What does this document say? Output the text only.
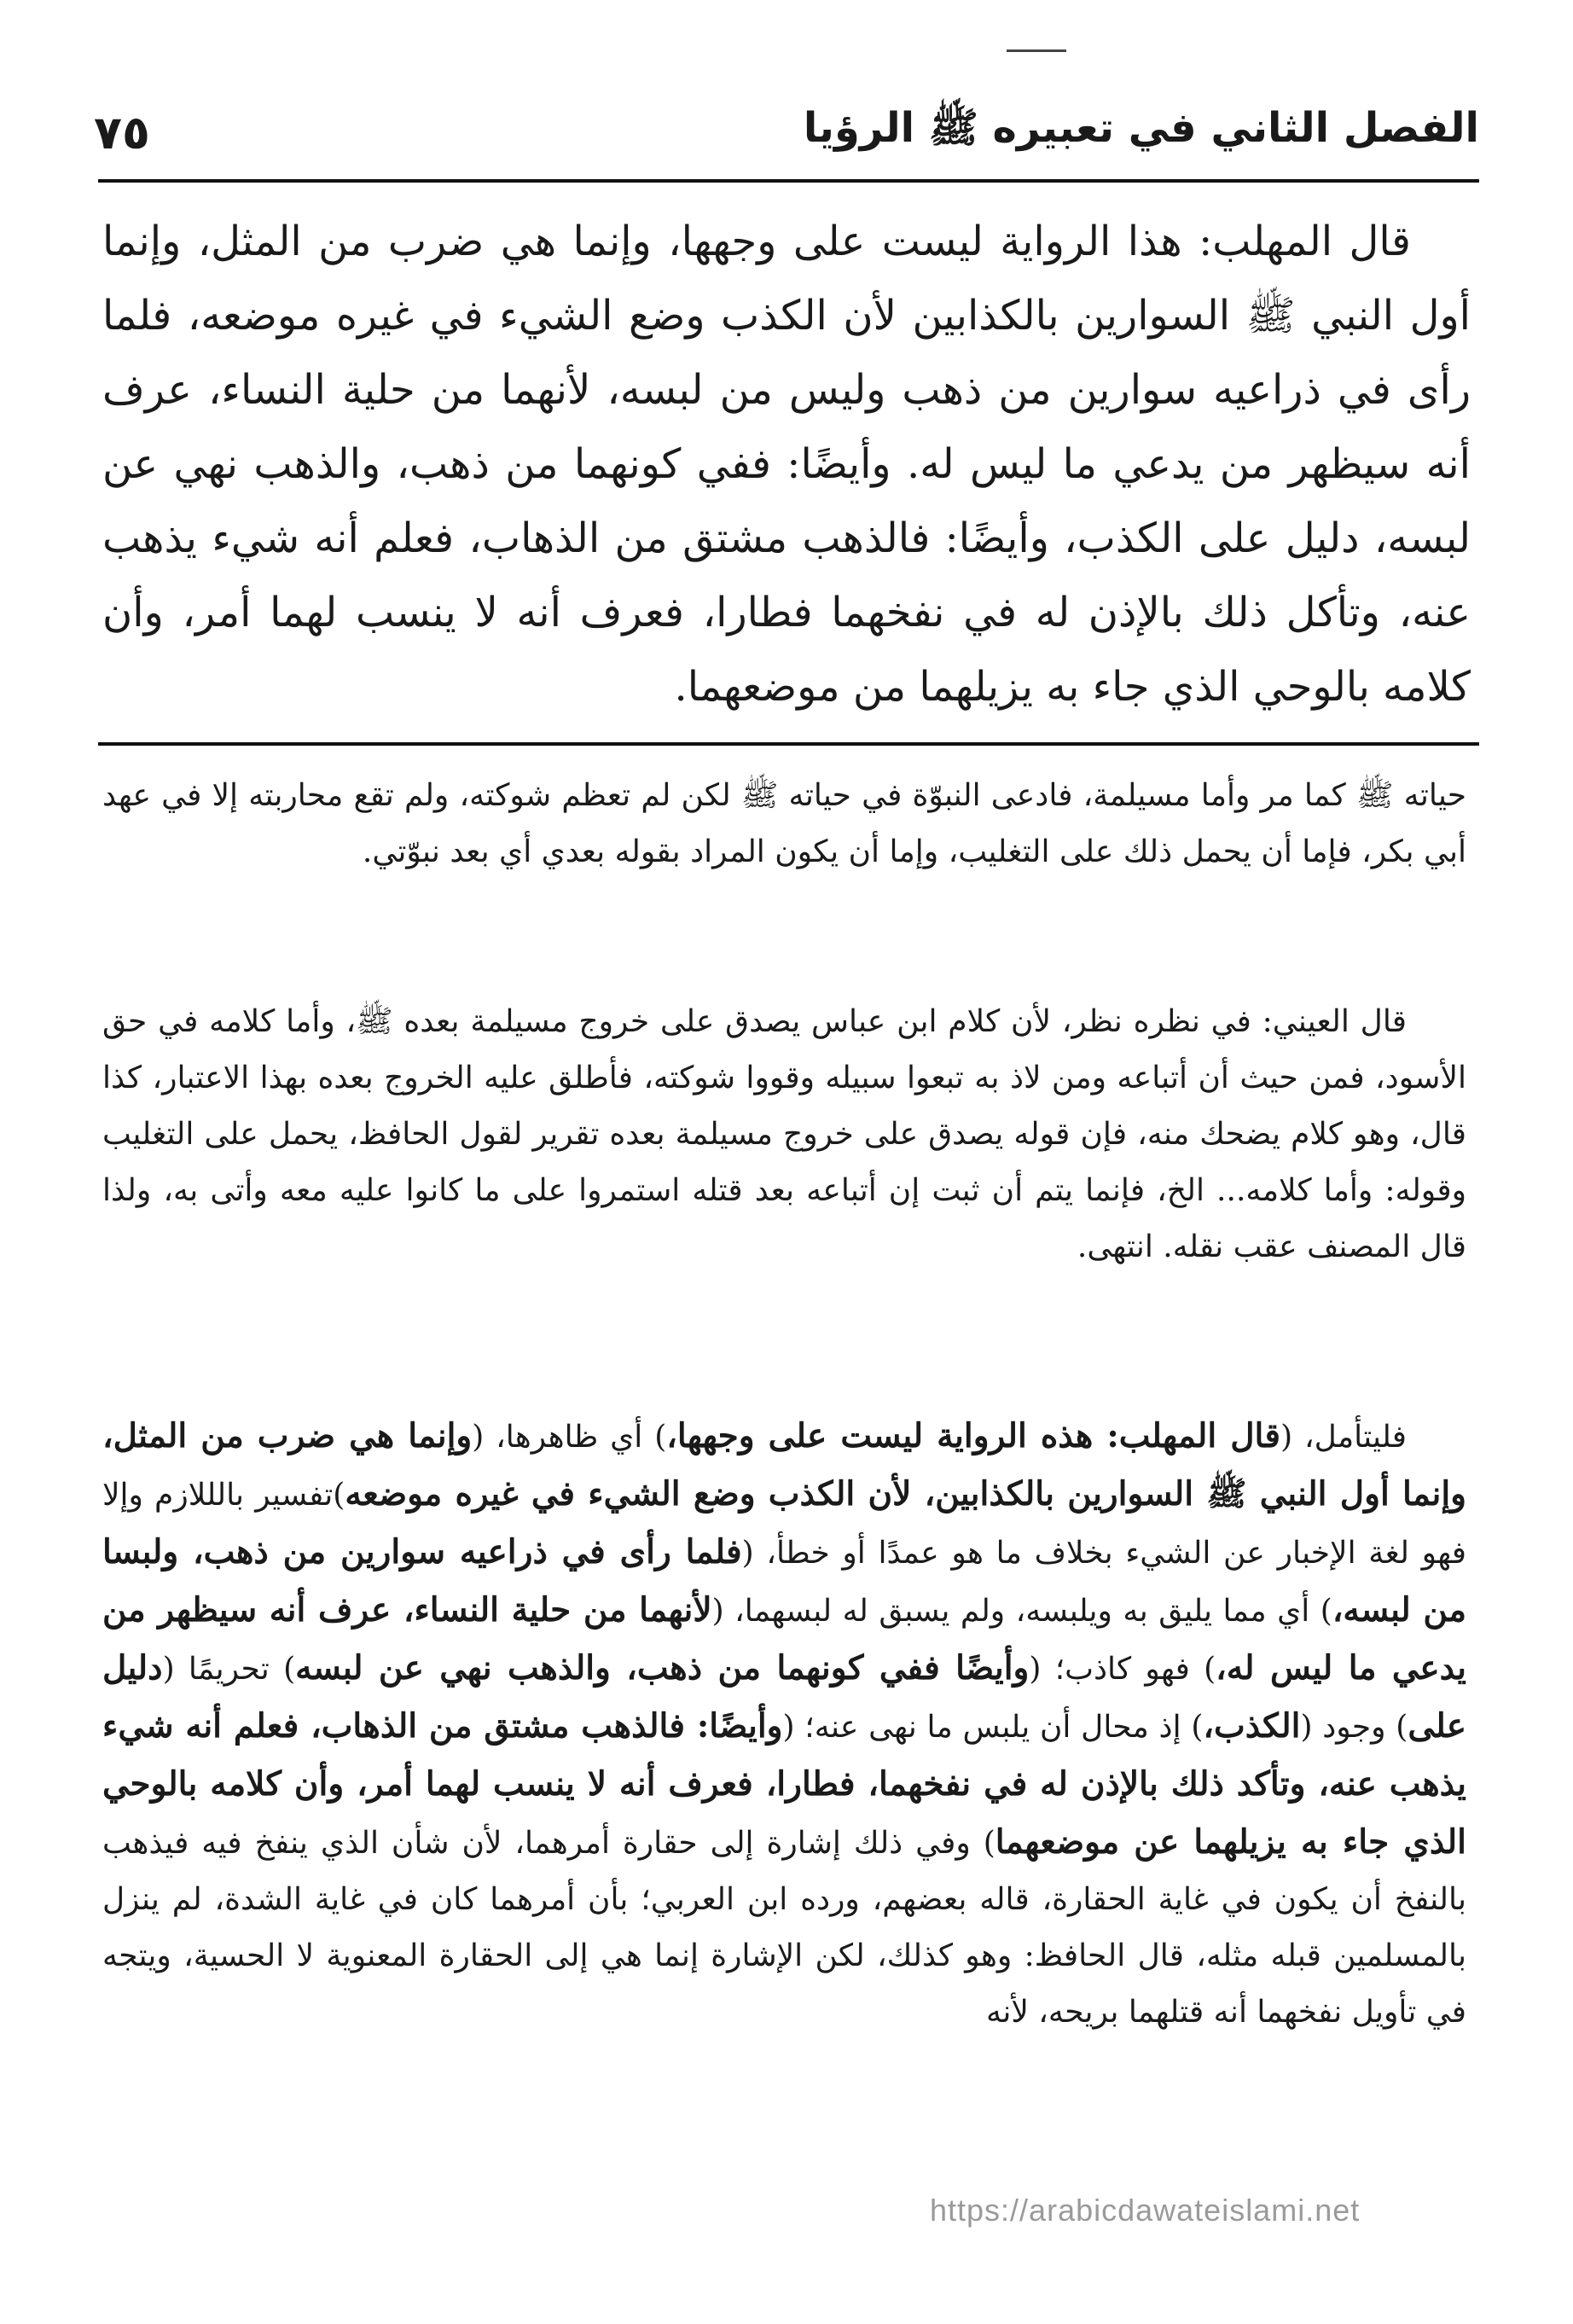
الفصل الثاني في تعبيره ﷺ الرؤيا
٧٥

قال المهلب: هذا الرواية ليست على وجهها، وإنما هي ضرب من المثل، وإنما أول النبي ﷺ السوارين بالكذابين لأن الكذب وضع الشيء في غيره موضعه، فلما رأى في ذراعيه سوارين من ذهب وليس من لبسه، لأنهما من حلية النساء، عرف أنه سيظهر من يدعي ما ليس له. وأيضًا: ففي كونهما من ذهب، والذهب نهي عن لبسه، دليل على الكذب، وأيضًا: فالذهب مشتق من الذهاب، فعلم أنه شيء يذهب عنه، وتأكل ذلك بالإذن له في نفخهما فطارا، فعرف أنه لا ينسب لهما أمر، وأن كلامه بالوحي الذي جاء به يزيلهما من موضعهما.

حياته ﷺ كما مر وأما مسيلمة، فادعى النبوّة في حياته ﷺ لكن لم تعظم شوكته، ولم تقع محاربته إلا في عهد أبي بكر، فإما أن يحمل ذلك على التغليب، وإما أن يكون المراد بقوله بعدي أي بعد نبوّتي.

قال العيني: في نظره نظر، لأن كلام ابن عباس يصدق على خروج مسيلمة بعده ﷺ، وأما كلامه في حق الأسود، فمن حيث أن أتباعه ومن لاذ به تبعوا سبيله وقووا شوكته، فأطلق عليه الخروج بعده بهذا الاعتبار، كذا قال، وهو كلام يضحك منه، فإن قوله يصدق على خروج مسيلمة بعده تقرير لقول الحافظ، يحمل على التغليب وقوله: وأما كلامه... الخ، فإنما يتم أن ثبت إن أتباعه بعد قتله استمروا على ما كانوا عليه معه وأتى به، ولذا قال المصنف عقب نقله. انتهى.

فليتأمل، (قال المهلب: هذه الرواية ليست على وجهها،) أي ظاهرها، (وإنما هي ضرب من المثل، وإنما أول النبي ﷺ السوارين بالكذابين، لأن الكذب وضع الشيء في غيره موضعه)تفسير بالللازم وإلا فهو لغة الإخبار عن الشيء بخلاف ما هو عمدًا أو خطأ، (فلما رأى في ذراعيه سوارين من ذهب، ولبسا من لبسه،) أي مما يليق به ويلبسه، ولم يسبق له لبسهما، (لأنهما من حلية النساء، عرف أنه سيظهر من يدعي ما ليس له،) فهو كاذب؛ (وأيضًا ففي كونهما من ذهب، والذهب نهي عن لبسه) تحريمًا (دليل على) وجود (الكذب،) إذ محال أن يلبس ما نهى عنه؛ (وأيضًا: فالذهب مشتق من الذهاب، فعلم أنه شيء يذهب عنه، وتأكد ذلك بالإذن له في نفخهما، فطارا، فعرف أنه لا ينسب لهما أمر، وأن كلامه بالوحي الذي جاء به يزيلهما عن موضعهما) وفي ذلك إشارة إلى حقارة أمرهما، لأن شأن الذي ينفخ فيه فيذهب بالنفخ أن يكون في غاية الحقارة، قاله بعضهم، ورده ابن العربي؛ بأن أمرهما كان في غاية الشدة، لم ينزل بالمسلمين قبله مثله، قال الحافظ: وهو كذلك، لكن الإشارة إنما هي إلى الحقارة المعنوية لا الحسية، ويتجه في تأويل نفخهما أنه قتلهما بريحه، لأنه

https://arabicdawateislami.net
